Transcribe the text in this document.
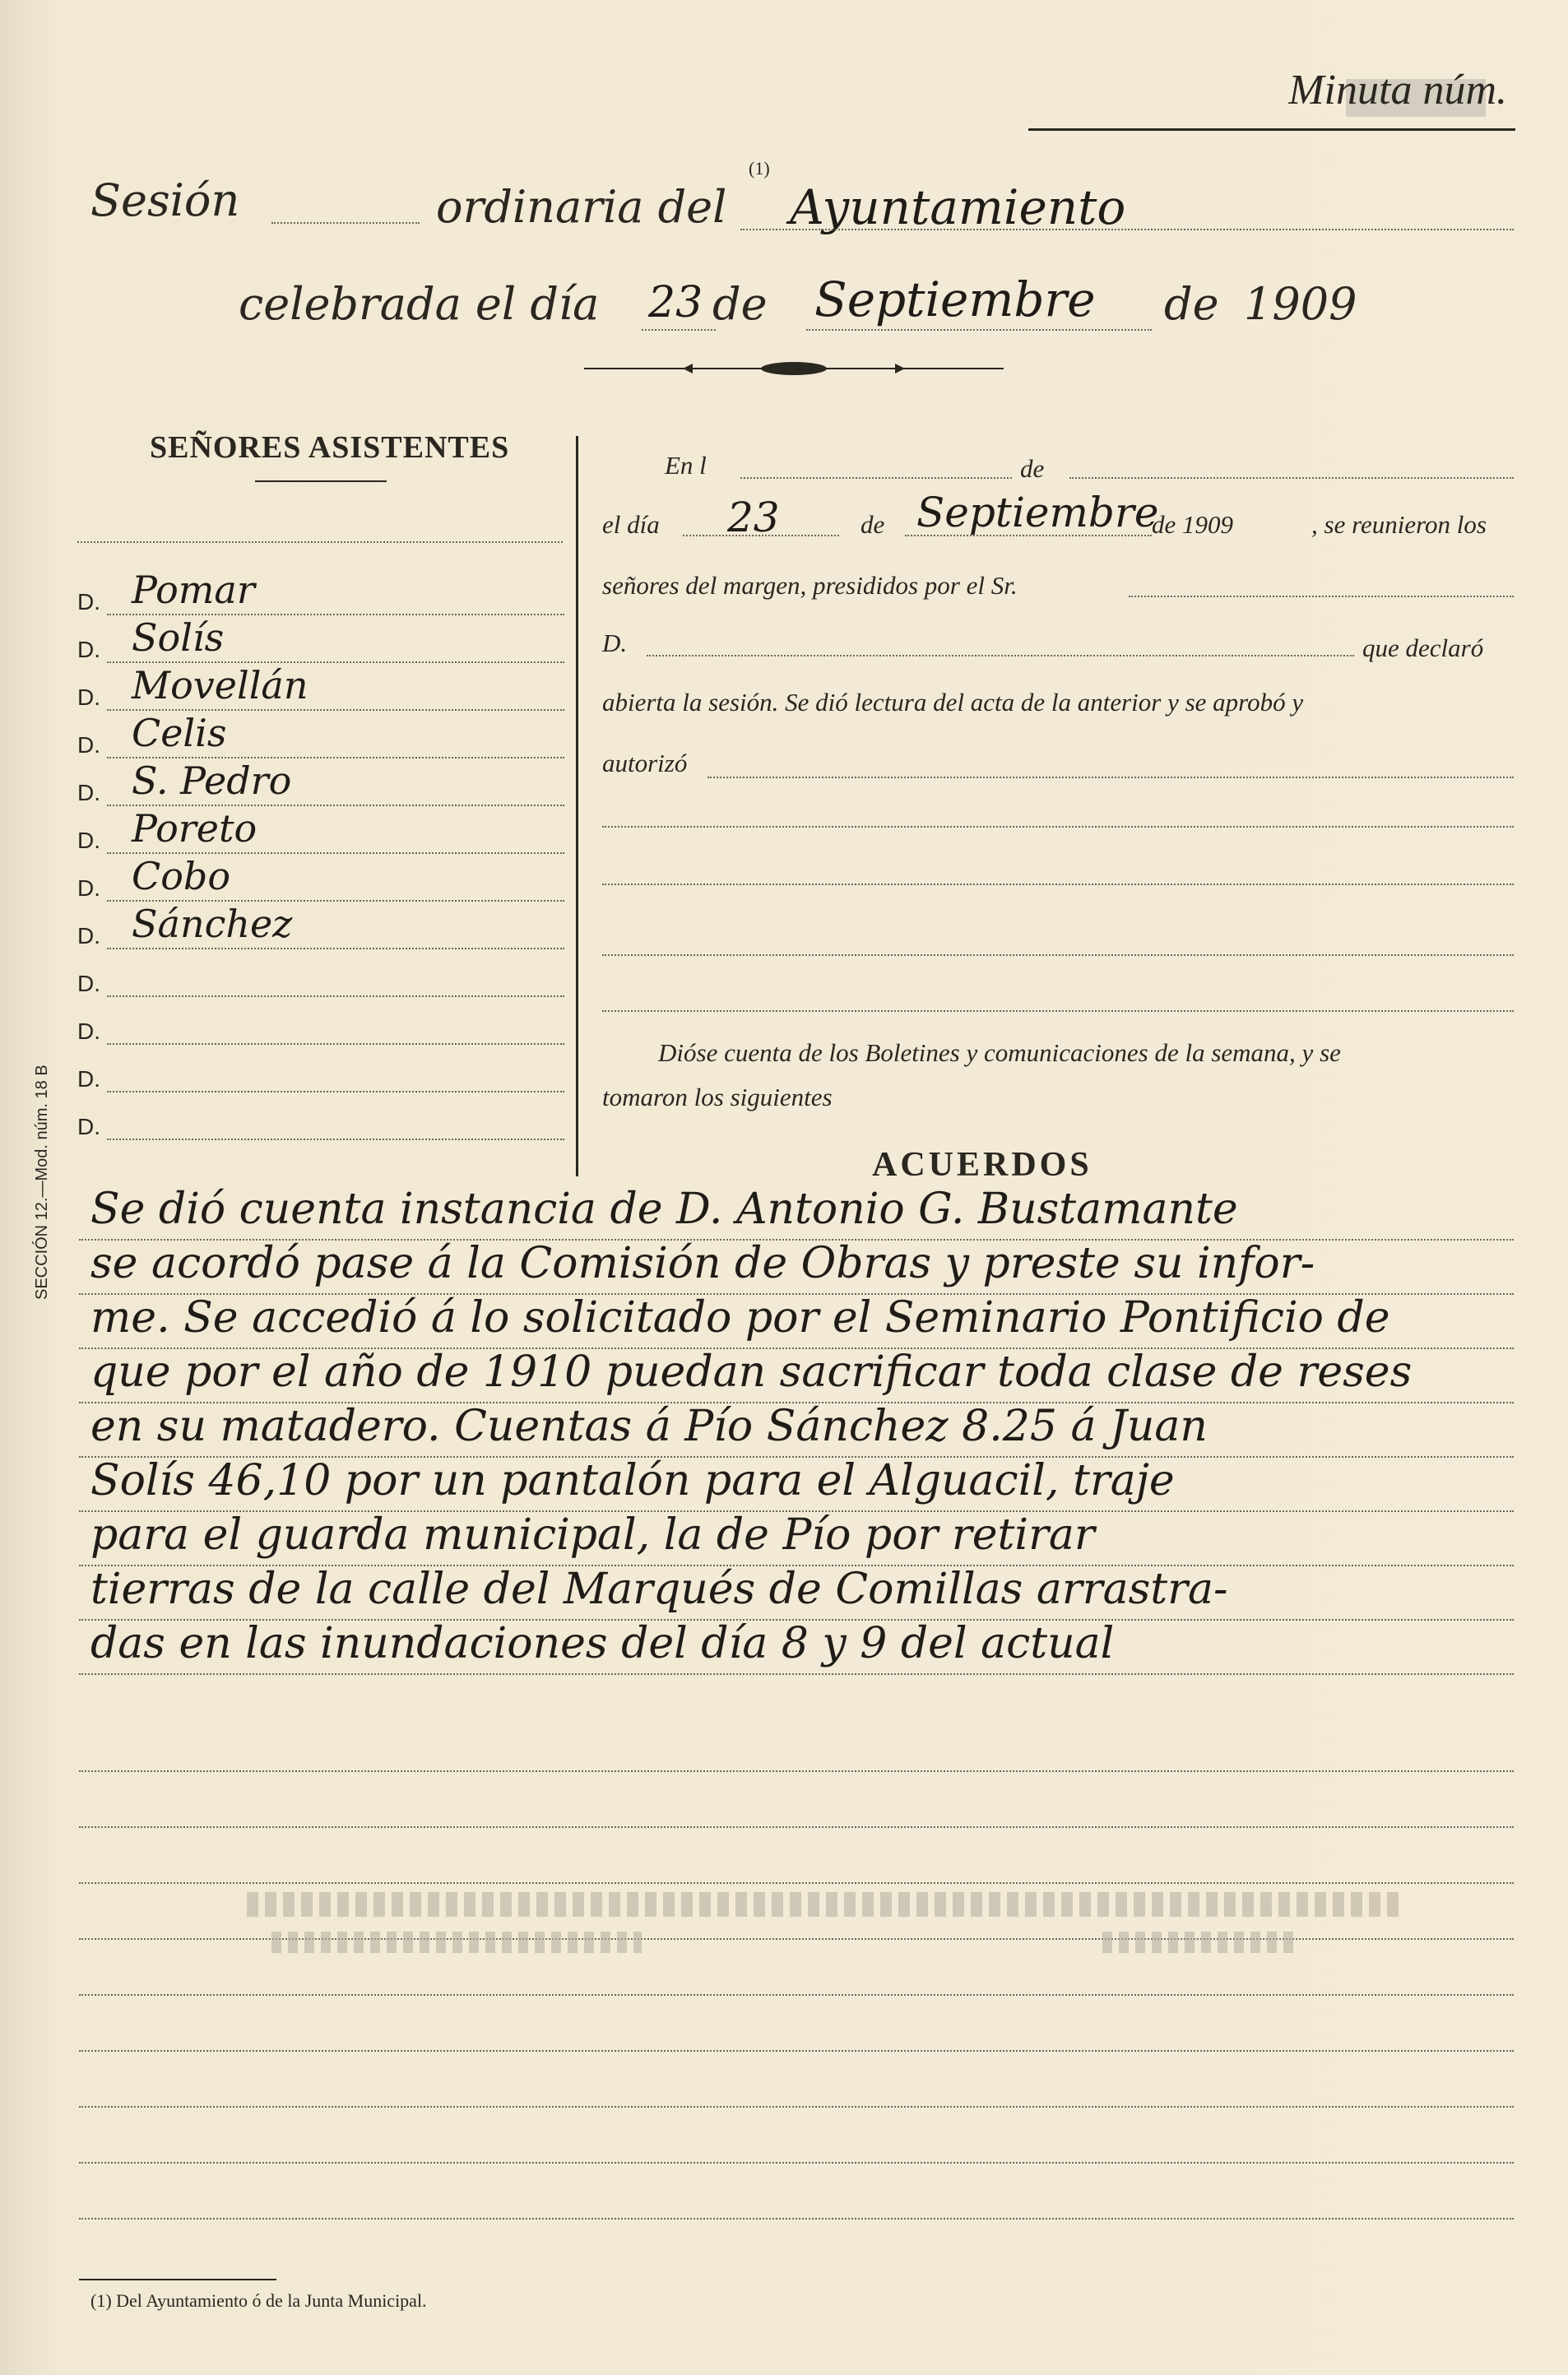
Minuta núm.
Sesión	ordinaria del
(1)
Ayuntamiento
celebrada el día 23 de Septiembre de 1909
SEÑORES ASISTENTES
D. Pomar
D. Solís
D. Movellán
D. Celis
D. S. Pedro
D. Poreto
D. Cobo
D. Sánchez
D.
D.
D.
D.
En l	de
el día 23	de Septiembre
de 1909	, se reunieron los
señores del margen, presididos por el Sr.
D.	que declaró
abierta la sesión. Se dió lectura del acta de la anterior y se aprobó y
autorizó
Dióse cuenta de los Boletines y comunicaciones de la semana, y se
tomaron los siguientes
ACUERDOS
Se dió cuenta instancia de D. Antonio G. Bustamante
se acordó pase á la Comisión de Obras y preste su infor-
me. Se accedió á lo solicitado por el Seminario Pontificio de
que por el año de 1910 puedan sacrificar toda clase de reses
en su matadero. Cuentas á Pío Sánchez 8.25 á Juan
Solís 46,10 por un pantalón para el Alguacil, traje
para el guarda municipal, la de Pío por retirar
tierras de la calle del Marqués de Comillas arrastra-
das en las inundaciones del día 8 y 9 del actual
(1) Del Ayuntamiento ó de la Junta Municipal.
SECCIÓN 12.—Mod. núm. 18 B
